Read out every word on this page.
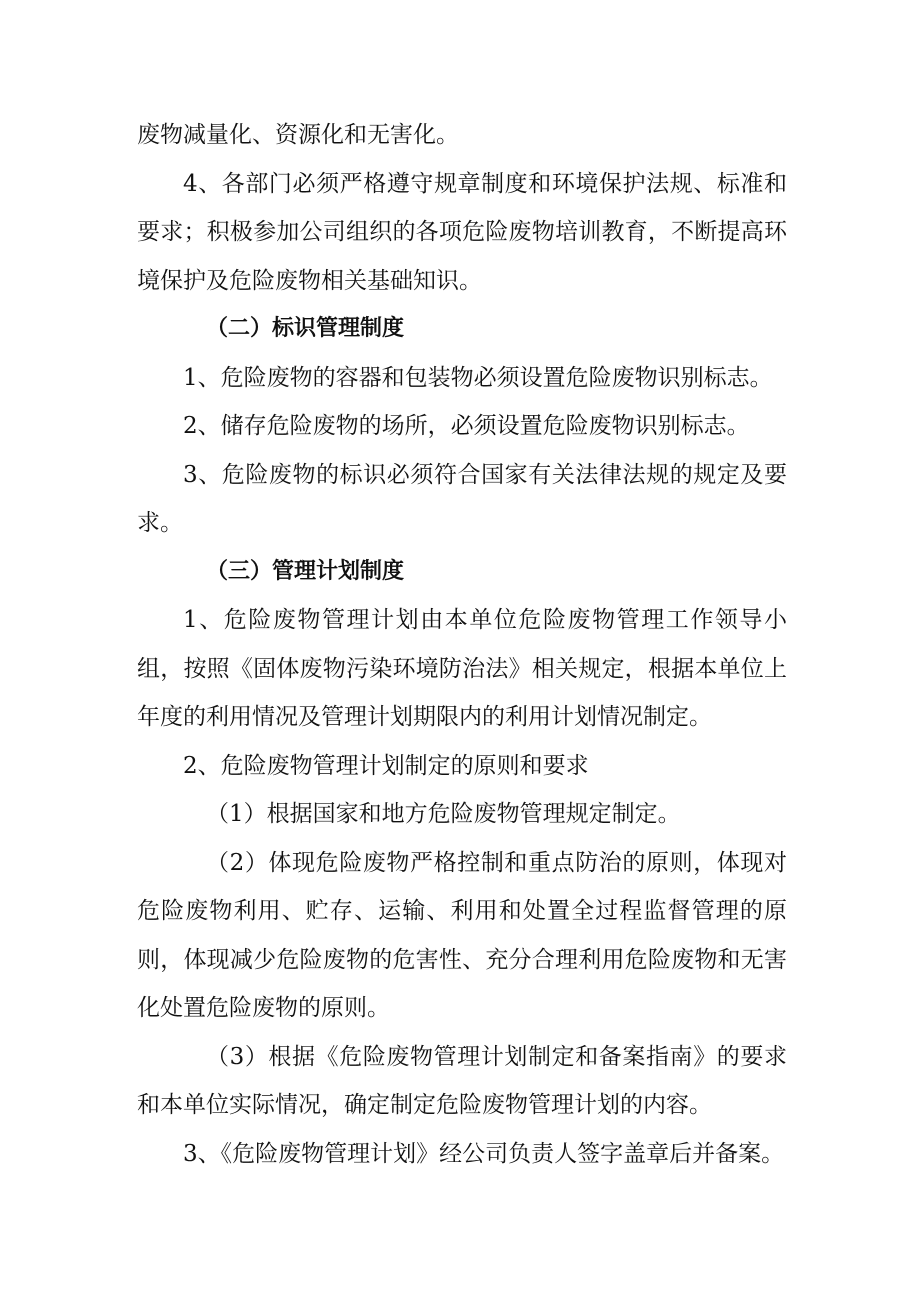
废物减量化、资源化和无害化。

4、各部门必须严格遵守规章制度和环境保护法规、标准和要求；积极参加公司组织的各项危险废物培训教育，不断提高环境保护及危险废物相关基础知识。

（二）标识管理制度

1、危险废物的容器和包装物必须设置危险废物识别标志。

2、储存危险废物的场所，必须设置危险废物识别标志。

3、危险废物的标识必须符合国家有关法律法规的规定及要求。

（三）管理计划制度

1、危险废物管理计划由本单位危险废物管理工作领导小组，按照《固体废物污染环境防治法》相关规定，根据本单位上年度的利用情况及管理计划期限内的利用计划情况制定。

2、危险废物管理计划制定的原则和要求

（1）根据国家和地方危险废物管理规定制定。

（2）体现危险废物严格控制和重点防治的原则，体现对危险废物利用、贮存、运输、利用和处置全过程监督管理的原则，体现减少危险废物的危害性、充分合理利用危险废物和无害化处置危险废物的原则。

（3）根据《危险废物管理计划制定和备案指南》的要求和本单位实际情况，确定制定危险废物管理计划的内容。

3、《危险废物管理计划》经公司负责人签字盖章后并备案。
